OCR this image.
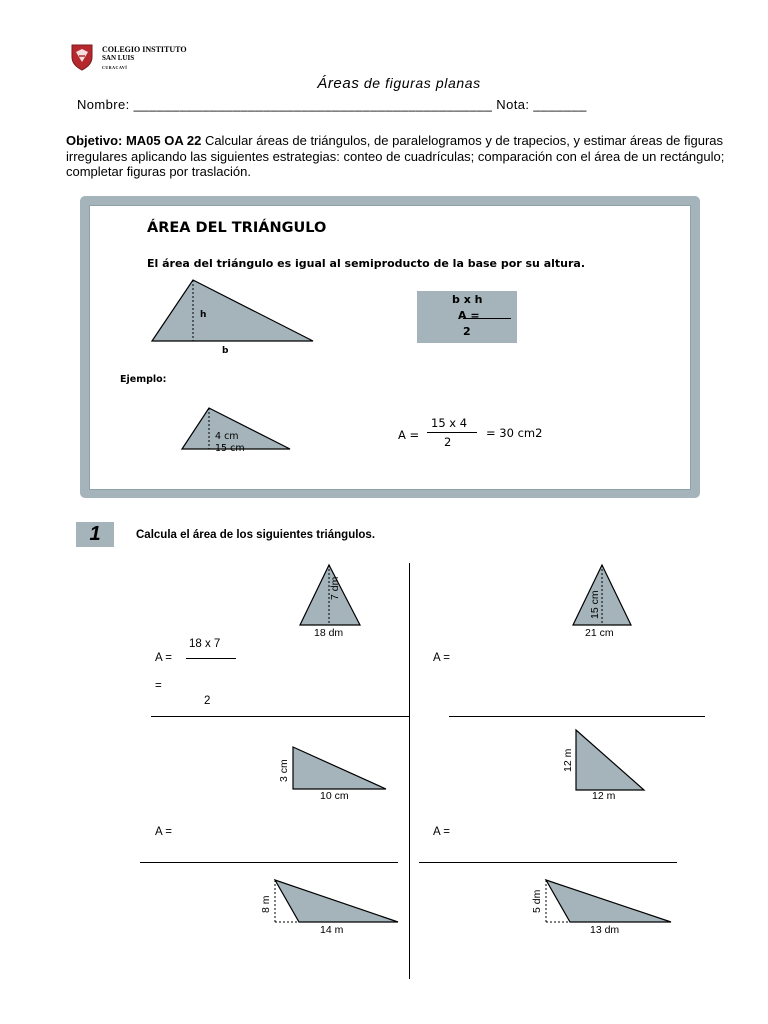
COLEGIO INSTITUTO
SAN LUIS
CURACAVÍ
Áreas de figuras planas
Nombre: _______________________________________________ Nota: _______
Objetivo: MA05 OA 22 Calcular áreas de triángulos, de paralelogramos y de trapecios, y estimar áreas de figuras irregulares aplicando las siguientes estrategias: conteo de cuadrículas; comparación con el área de un rectángulo; completar figuras por traslación.
ÁREA DEL TRIÁNGULO
El área del triángulo es igual al semiproducto de la base por su altura.
h
b
b x h
A =
2
Ejemplo:
4 cm
15 cm
A =
15 x 4
2
= 30 cm2
1	Calcula el área de los siguientes triángulos.
7 dm
18 dm
A =
18 x 7
=
2
15 cm
21 cm
A =
3 cm
10 cm
A =
12 m
12 m
A =
8 m
14 m
5 dm
13 dm
